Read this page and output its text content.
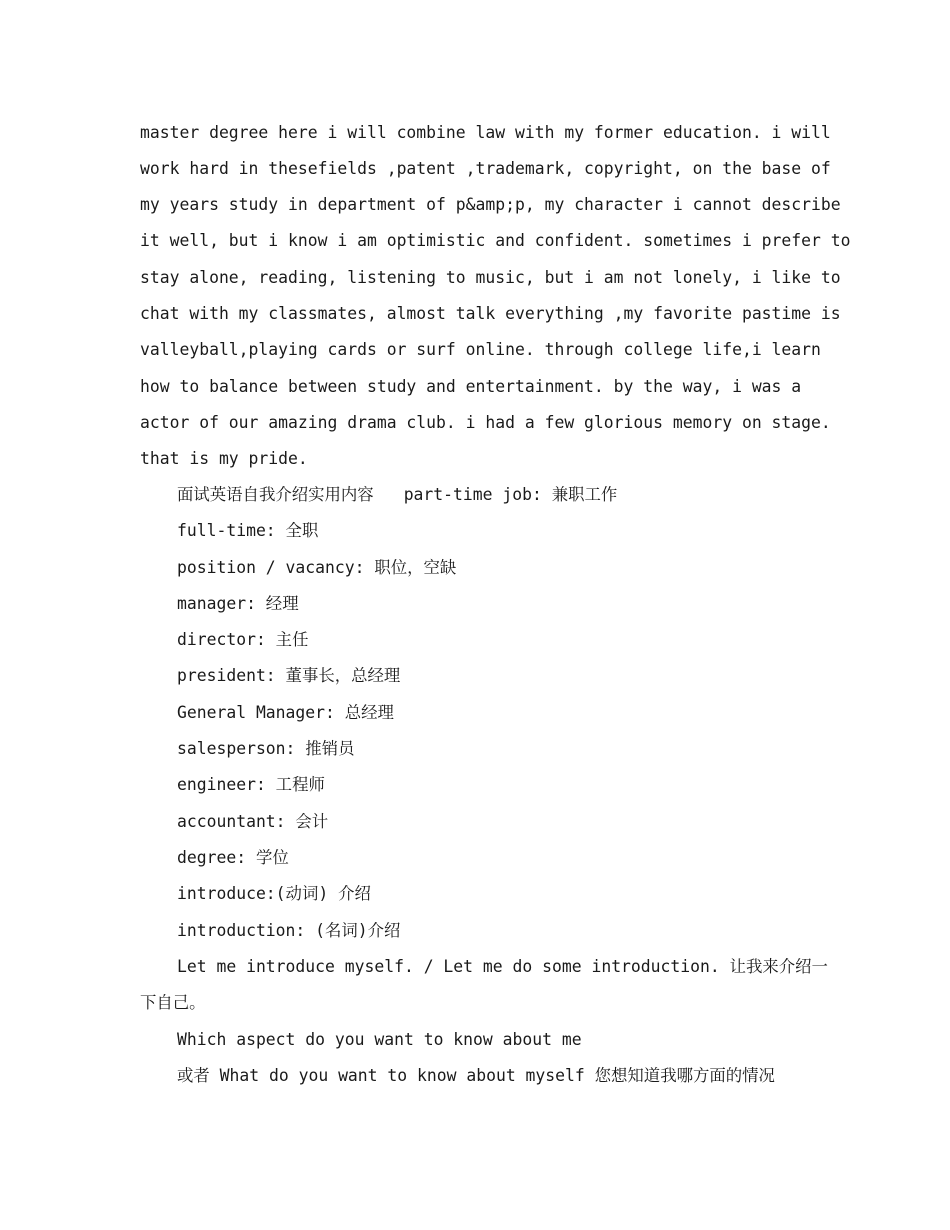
master degree here i will combine law with my former education. i will

work hard in thesefields ,patent ,trademark, copyright, on the base of

my years study in department of p&amp;p, my character i cannot describe

it well, but i know i am optimistic and confident. sometimes i prefer to

stay alone, reading, listening to music, but i am not lonely, i like to

chat with my classmates, almost talk everything ,my favorite pastime is

valleyball,playing cards or surf online. through college life,i learn

how to balance between study and entertainment. by the way, i was a

actor of our amazing drama club. i had a few glorious memory on stage.

that is my pride.

面试英语自我介绍实用内容 part-time job: 兼职工作

full-time: 全职

position / vacancy: 职位，空缺

manager: 经理

director: 主任

president: 董事长，总经理

General Manager: 总经理

salesperson: 推销员

engineer: 工程师

accountant: 会计

degree: 学位

introduce:(动词) 介绍

introduction: (名词)介绍

Let me introduce myself. / Let me do some introduction. 让我来介绍一

下自己。

Which aspect do you want to know about me

或者 What do you want to know about myself 您想知道我哪方面的情况
